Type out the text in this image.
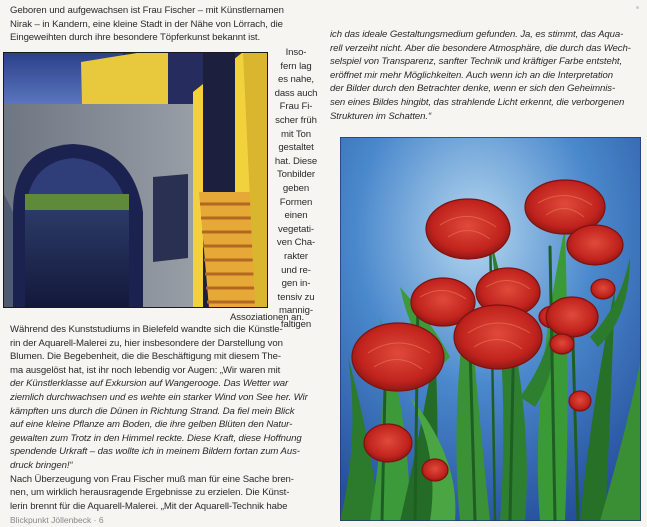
Geboren und aufgewachsen ist Frau Fischer – mit Künstlernamen
Nirak – in Kandern, eine kleine Stadt in der Nähe von Lörrach, die
Eingeweihten durch ihre besondere Töpferkunst bekannt ist.
Inso-
fern lag
es nahe,
dass auch
Frau Fi-
scher früh
mit Ton
gestaltet
hat. Diese
Tonbilder
geben
Formen
einen
vegetati-
ven Cha-
rakter
und re-
gen in-
tensiv zu
mannig-
faltigen
Assoziationen an.
Während des Kunststudiums in Bielefeld wandte sich die Künstle-
rin der Aquarell-Malerei zu, hier insbesondere der Darstellung von
Blumen. Die Begebenheit, die die Beschäftigung mit diesem The-
ma ausgelöst hat, ist ihr noch lebendig vor Augen: „Wir waren mit
der Künstlerklasse auf Exkursion auf Wangerooge. Das Wetter war
ziemlich durchwachsen und es wehte ein starker Wind von See her. Wir
kämpften uns durch die Dünen in Richtung Strand. Da fiel mein Blick
auf eine kleine Pflanze am Boden, die ihre gelben Blüten den Natur-
gewalten zum Trotz in den Himmel reckte. Diese Kraft, diese Hoffnung
spendende Urkraft – das wollte ich in meinem Bildern fortan zum Aus-
druck bringen!“
Nach Überzeugung von Frau Fischer muß man für eine Sache bren-
nen, um wirklich herausragende Ergebnisse zu erzielen. Die Künst-
lerin brennt für die Aquarell-Malerei. „Mit der Aquarell-Technik habe
ich das ideale Gestaltungsmedium gefunden. Ja, es stimmt, das Aqua-
rell verzeiht nicht. Aber die besondere Atmosphäre, die durch das Wech-
selspiel von Transparenz, sanfter Technik und kräftiger Farbe entsteht,
eröffnet mir mehr Möglichkeiten. Auch wenn ich an die Interpretation
der Bilder durch den Betrachter denke, wenn er sich den Geheimnis-
sen eines Bildes hingibt, das strahlende Licht erkennt, die verborgenen
Strukturen im Schatten.“
Blickpunkt Jöllenbeck · 6
